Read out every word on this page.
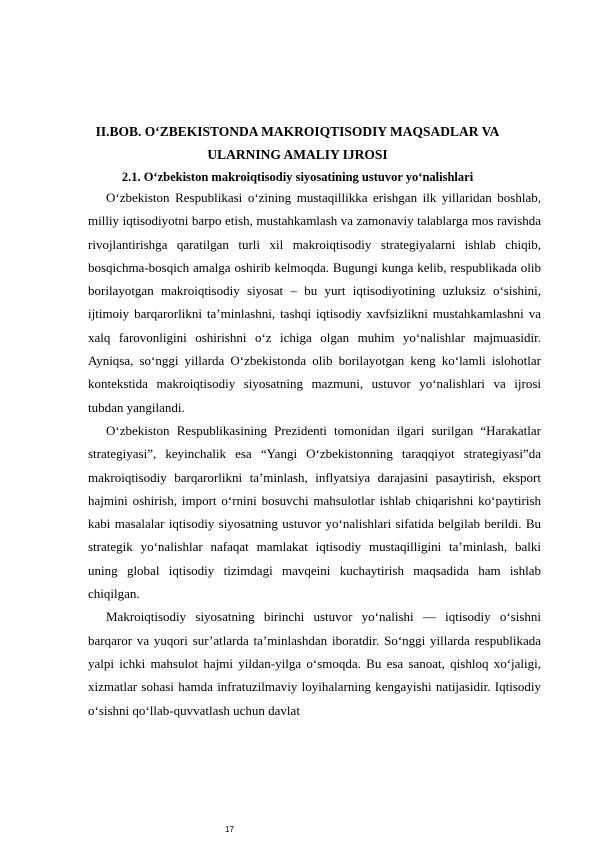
II.BOB. O‘ZBEKISTONDA MAKROIQTISODIY MAQSADLAR VA
ULARNING AMALIY IJROSI
2.1. O‘zbekiston makroiqtisodiy siyosatining ustuvor yo‘nalishlari

O‘zbekiston Respublikasi o‘zining mustaqillikka erishgan ilk yillaridan boshlab, milliy iqtisodiyotni barpo etish, mustahkamlash va zamonaviy talablarga mos ravishda rivojlantirishga qaratilgan turli xil makroiqtisodiy strategiyalarni ishlab chiqib, bosqichma-bosqich amalga oshirib kelmoqda. Bugungi kunga kelib, respublikada olib borilayotgan makroiqtisodiy siyosat – bu yurt iqtisodiyotining uzluksiz o‘sishini, ijtimoiy barqarorlikni ta’minlashni, tashqi iqtisodiy xavfsizlikni mustahkamlashni va xalq farovonligini oshirishni o‘z ichiga olgan muhim yo‘nalishlar majmuasidir. Ayniqsa, so‘nggi yillarda O‘zbekistonda olib borilayotgan keng ko‘lamli islohotlar kontekstida makroiqtisodiy siyosatning mazmuni, ustuvor yo‘nalishlari va ijrosi tubdan yangilandi.

O‘zbekiston Respublikasining Prezidenti tomonidan ilgari surilgan “Harakatlar strategiyasi”, keyinchalik esa “Yangi O‘zbekistonning taraqqiyot strategiyasi”da makroiqtisodiy barqarorlikni ta’minlash, inflyatsiya darajasini pasaytirish, eksport hajmini oshirish, import o‘rnini bosuvchi mahsulotlar ishlab chiqarishni ko‘paytirish kabi masalalar iqtisodiy siyosatning ustuvor yo‘nalishlari sifatida belgilab berildi. Bu strategik yo‘nalishlar nafaqat mamlakat iqtisodiy mustaqilligini ta’minlash, balki uning global iqtisodiy tizimdagi mavqeini kuchaytirish maqsadida ham ishlab chiqilgan.

Makroiqtisodiy siyosatning birinchi ustuvor yo‘nalishi — iqtisodiy o‘sishni barqaror va yuqori sur’atlarda ta’minlashdan iboratdir. So‘nggi yillarda respublikada yalpi ichki mahsulot hajmi yildan-yilga o‘smoqda. Bu esa sanoat, qishloq xo‘jaligi, xizmatlar sohasi hamda infratuzilmaviy loyihalarning kengayishi natijasidir. Iqtisodiy o‘sishni qo‘llab-quvvatlash uchun davlat

17
